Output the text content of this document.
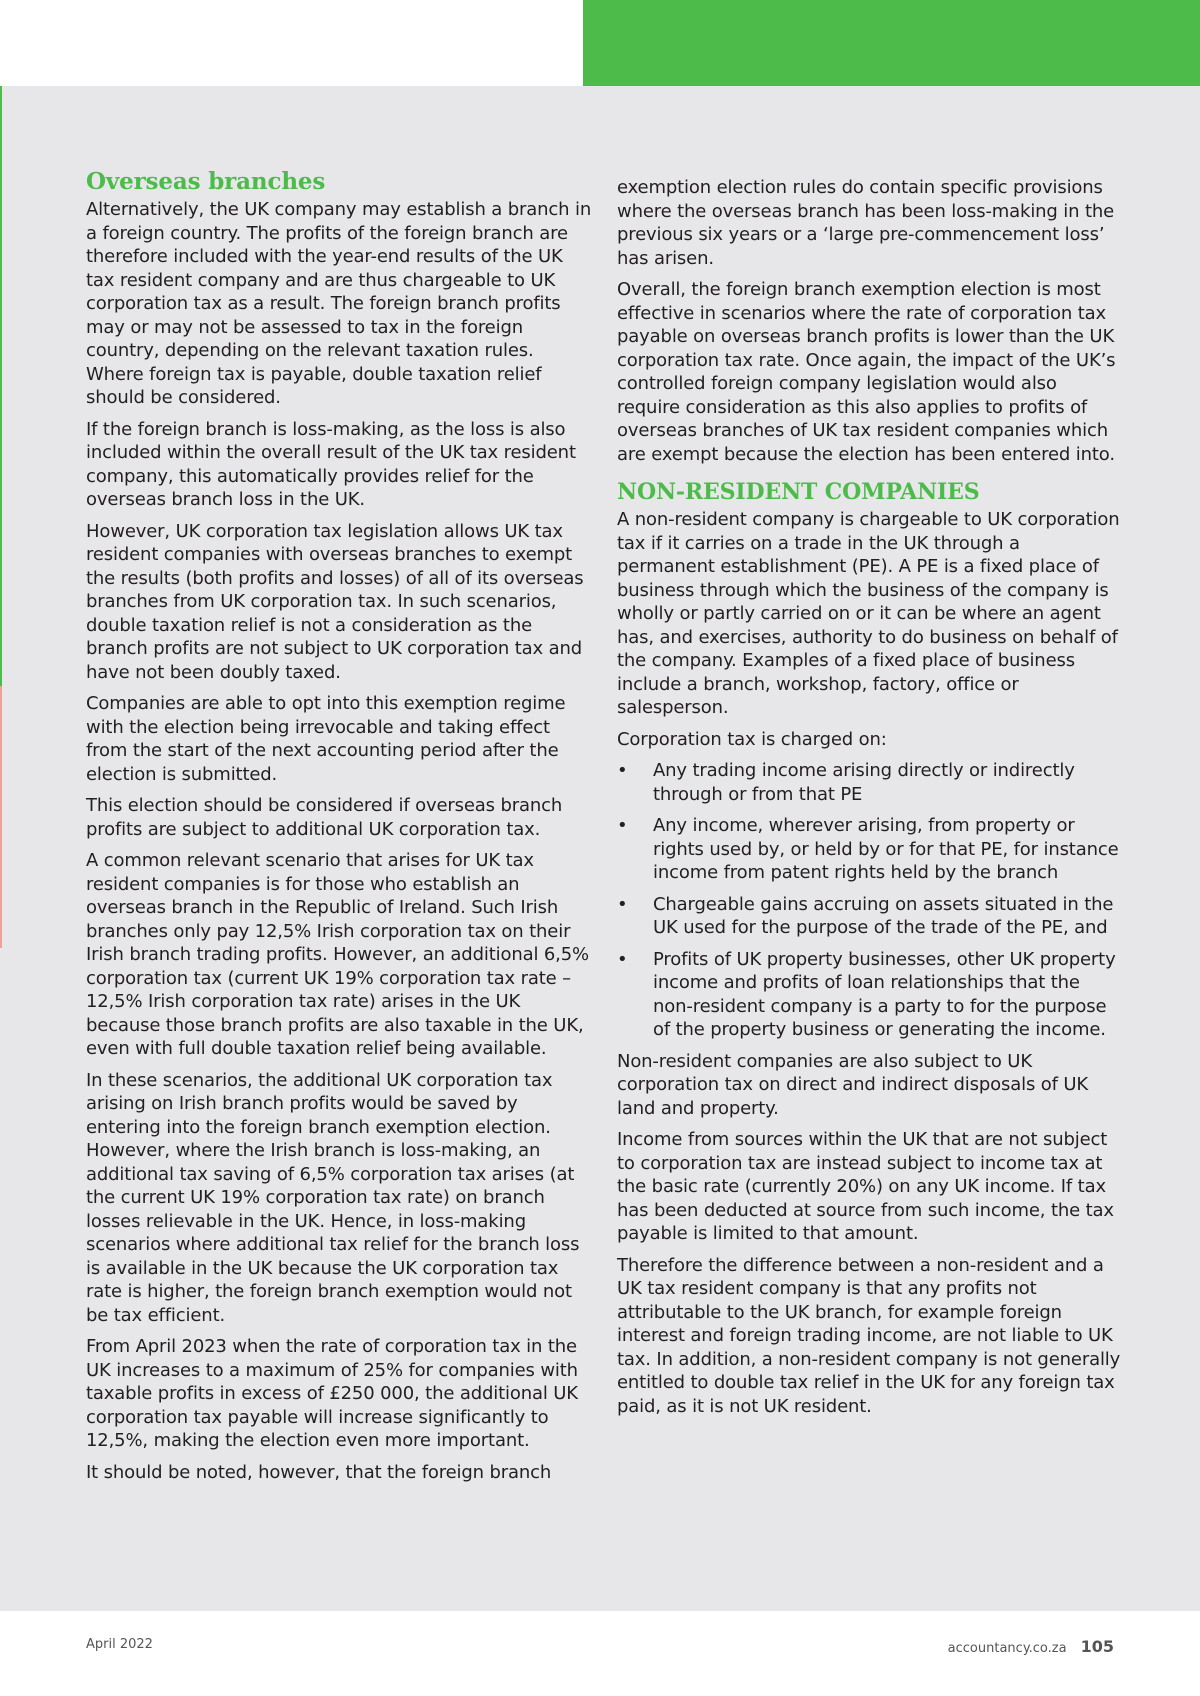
Overseas branches

Alternatively, the UK company may establish a branch in a foreign country. The profits of the foreign branch are therefore included with the year-end results of the UK tax resident company and are thus chargeable to UK corporation tax as a result. The foreign branch profits may or may not be assessed to tax in the foreign country, depending on the relevant taxation rules. Where foreign tax is payable, double taxation relief should be considered.

If the foreign branch is loss-making, as the loss is also included within the overall result of the UK tax resident company, this automatically provides relief for the overseas branch loss in the UK.

However, UK corporation tax legislation allows UK tax resident companies with overseas branches to exempt the results (both profits and losses) of all of its overseas branches from UK corporation tax. In such scenarios, double taxation relief is not a consideration as the branch profits are not subject to UK corporation tax and have not been doubly taxed.

Companies are able to opt into this exemption regime with the election being irrevocable and taking effect from the start of the next accounting period after the election is submitted.

This election should be considered if overseas branch profits are subject to additional UK corporation tax.

A common relevant scenario that arises for UK tax resident companies is for those who establish an overseas branch in the Republic of Ireland. Such Irish branches only pay 12,5% Irish corporation tax on their Irish branch trading profits. However, an additional 6,5% corporation tax (current UK 19% corporation tax rate – 12,5% Irish corporation tax rate) arises in the UK because those branch profits are also taxable in the UK, even with full double taxation relief being available.

In these scenarios, the additional UK corporation tax arising on Irish branch profits would be saved by entering into the foreign branch exemption election. However, where the Irish branch is loss-making, an additional tax saving of 6,5% corporation tax arises (at the current UK 19% corporation tax rate) on branch losses relievable in the UK. Hence, in loss-making scenarios where additional tax relief for the branch loss is available in the UK because the UK corporation tax rate is higher, the foreign branch exemption would not be tax efficient.

From April 2023 when the rate of corporation tax in the UK increases to a maximum of 25% for companies with taxable profits in excess of £250 000, the additional UK corporation tax payable will increase significantly to 12,5%, making the election even more important.

It should be noted, however, that the foreign branch

exemption election rules do contain specific provisions where the overseas branch has been loss-making in the previous six years or a ‘large pre-commencement loss’ has arisen.

Overall, the foreign branch exemption election is most effective in scenarios where the rate of corporation tax payable on overseas branch profits is lower than the UK corporation tax rate. Once again, the impact of the UK’s controlled foreign company legislation would also require consideration as this also applies to profits of overseas branches of UK tax resident companies which are exempt because the election has been entered into.

NON-RESIDENT COMPANIES

A non-resident company is chargeable to UK corporation tax if it carries on a trade in the UK through a permanent establishment (PE). A PE is a fixed place of business through which the business of the company is wholly or partly carried on or it can be where an agent has, and exercises, authority to do business on behalf of the company. Examples of a fixed place of business include a branch, workshop, factory, office or salesperson.

Corporation tax is charged on:

• Any trading income arising directly or indirectly through or from that PE
• Any income, wherever arising, from property or rights used by, or held by or for that PE, for instance income from patent rights held by the branch
• Chargeable gains accruing on assets situated in the UK used for the purpose of the trade of the PE, and
• Profits of UK property businesses, other UK property income and profits of loan relationships that the non-resident company is a party to for the purpose of the property business or generating the income.

Non-resident companies are also subject to UK corporation tax on direct and indirect disposals of UK land and property.

Income from sources within the UK that are not subject to corporation tax are instead subject to income tax at the basic rate (currently 20%) on any UK income. If tax has been deducted at source from such income, the tax payable is limited to that amount.

Therefore the difference between a non-resident and a UK tax resident company is that any profits not attributable to the UK branch, for example foreign interest and foreign trading income, are not liable to UK tax. In addition, a non-resident company is not generally entitled to double tax relief in the UK for any foreign tax paid, as it is not UK resident.

April 2022	accountancy.co.za 105
